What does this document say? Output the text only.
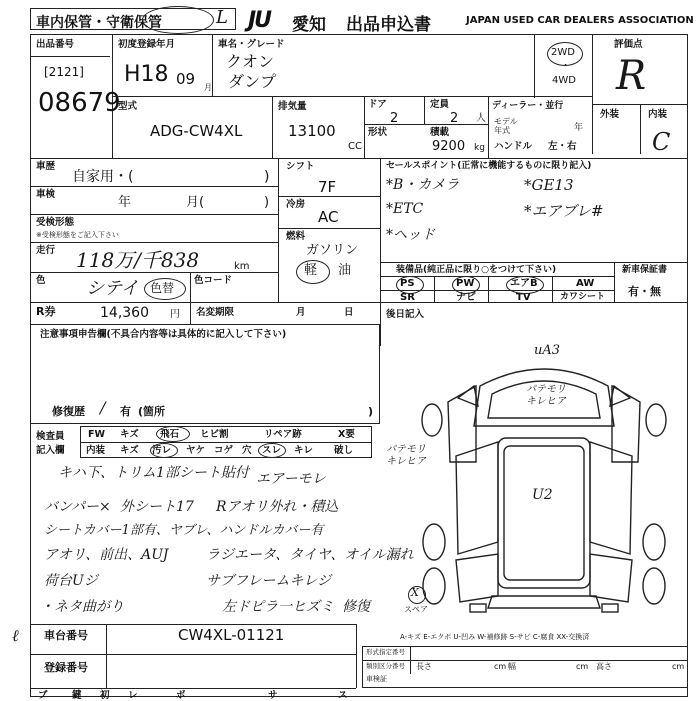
車内保管・守衛保管	L JU 愛知 出品申込書	JAPAN USED CAR DEALERS ASSOCIATION
出品番号
[2121]
08679
初度登録年月
H18 09 月
車名・グレード
クオン
ダンプ
2WD
・
4WD
評価点
R
外装	内装
C
型式
ADG-CW4XL
排気量
13100
CC
ドア
2
定員
2 人
形状	積載
9200 kg
ディーラー・並行
モデル年式	年
ハンドル 左・右
車歴
自家用・(	)
車検
年	月(	)
受検形態
※受検形態をご記入下さい
走行 118万/千838	km
色 シテイ 色替
色コード
シフト
7F
冷房
AC
燃料
ガソリン
軽 油
セールスポイント(正常に機能するものに限り記入)
*B・カメラ
*ETC
*ヘッド
*GE13
*エアブレ#
装備品(純正品に限り○をつけて下さい)
PS	PW	エアB	AW
SR	ナビ	TV	カワシート
新車保証書
有・無
R券	14,360 円 名変期限	月	日	後日記入
注意事項申告欄(不具合内容等は具体的に記入して下さい)
修復歴	有 (箇所	)
/
検査員
記入欄
FW キズ 飛石 ヒビ割	リペア跡	X要
内装 キズ 汚レ ヤケ コゲ 穴 スレ キレ 破し
キハ下、トリム1部シート貼付 エアーモレ
バンパー× 外シート17 Rアオリ外れ・積込
シートカバー1部有、ヤブレ、ハンドルカバー有
アオリ、前出、AUJ	ラジエータ、タイヤ、オイル漏れ
荷台Uジ	サブフレームキレジ
・ネタ曲がり	左ドピラ一ヒズミ 修復
ℓ
uA3
パテモリ
キレヒア
パテモリ
キレヒア
U2
X
スペア
A-キズ E-エクボ U-凹み W-補修跡 S-サビ C-腐食 XX-交換済
車台番号	CW4XL-01121
登録番号
形式指定番号
類別区分番号
車検証
長さ	cm 幅	cm 高さ	cm
ブ	鍵 初 レ	ボ	サ	ス
